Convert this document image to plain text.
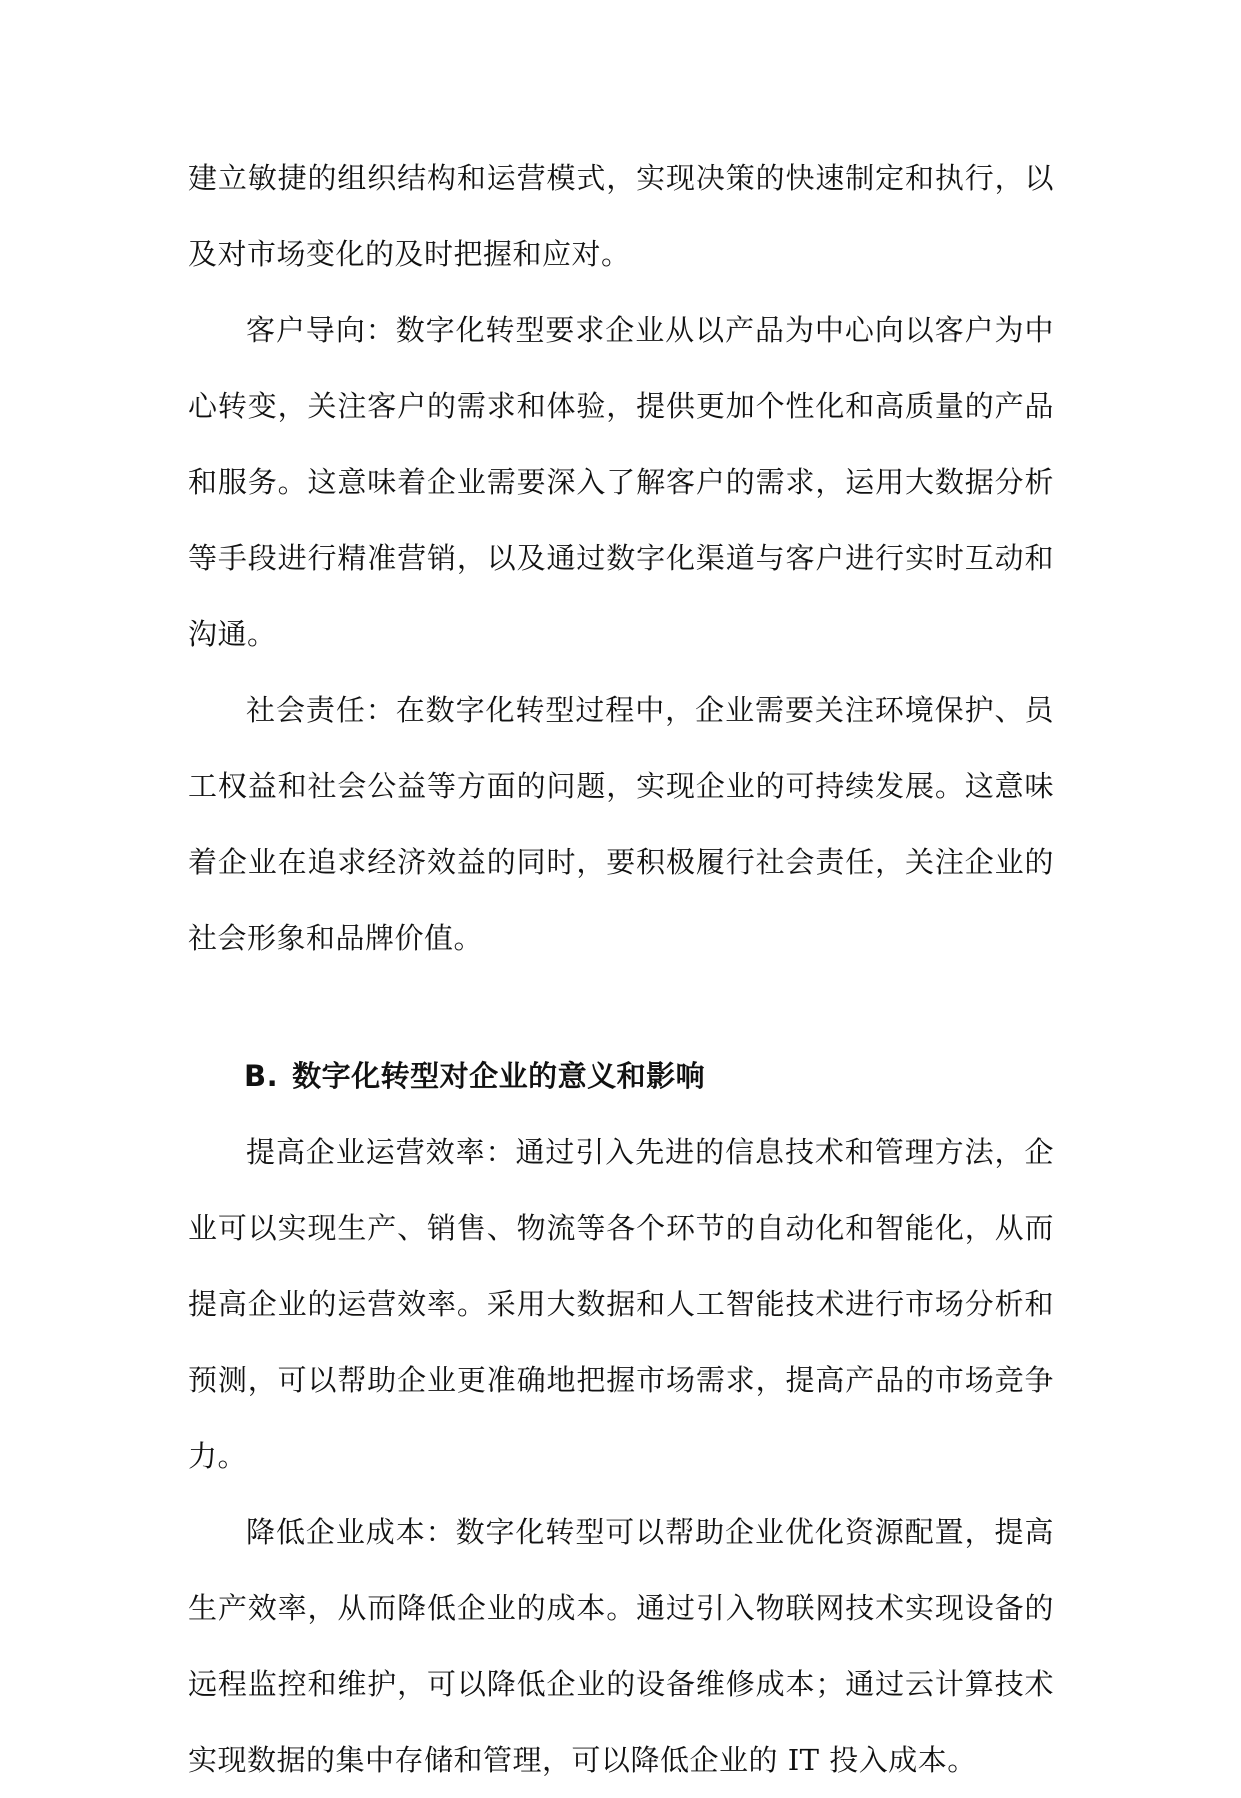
建立敏捷的组织结构和运营模式，实现决策的快速制定和执行，以及对市场变化的及时把握和应对。

客户导向：数字化转型要求企业从以产品为中心向以客户为中心转变，关注客户的需求和体验，提供更加个性化和高质量的产品和服务。这意味着企业需要深入了解客户的需求，运用大数据分析等手段进行精准营销，以及通过数字化渠道与客户进行实时互动和沟通。

社会责任：在数字化转型过程中，企业需要关注环境保护、员工权益和社会公益等方面的问题，实现企业的可持续发展。这意味着企业在追求经济效益的同时，要积极履行社会责任，关注企业的社会形象和品牌价值。

B. 数字化转型对企业的意义和影响

提高企业运营效率：通过引入先进的信息技术和管理方法，企业可以实现生产、销售、物流等各个环节的自动化和智能化，从而提高企业的运营效率。采用大数据和人工智能技术进行市场分析和预测，可以帮助企业更准确地把握市场需求，提高产品的市场竞争力。

降低企业成本：数字化转型可以帮助企业优化资源配置，提高生产效率，从而降低企业的成本。通过引入物联网技术实现设备的远程监控和维护，可以降低企业的设备维修成本；通过云计算技术实现数据的集中存储和管理，可以降低企业的 IT 投入成本。
